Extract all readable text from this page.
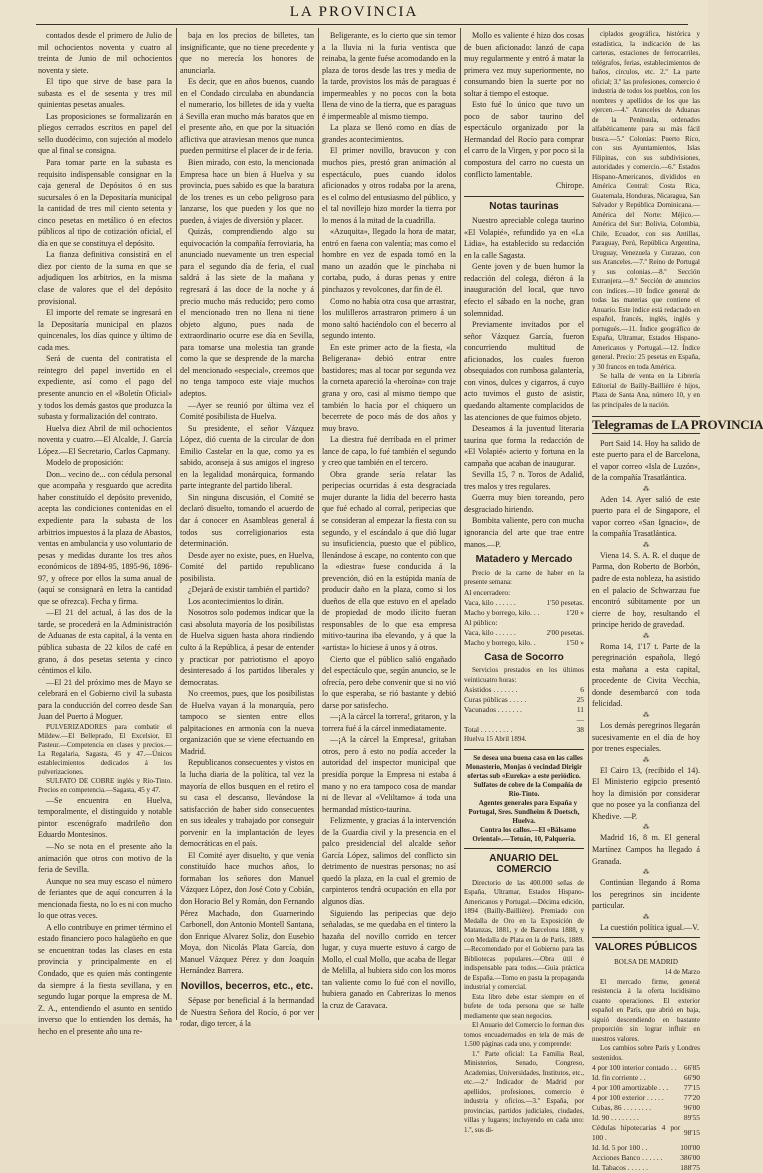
LA PROVINCIA

contados desde el primero de Julio de mil ochocientos noventa y cuatro al treinta de Junio de mil ochocientos noventa y siete.

El tipo que sirve de base para la subasta es el de sesenta y tres mil quinientas pesetas anuales.

Las proposiciones se formalizarán en pliegos cerrados escritos en papel del sello duodécimo, con sujeción al modelo que al final se consigna.

Para tomar parte en la subasta es requisito indispensable consignar en la caja general de Depósitos ó en sus sucursales ó en la Depositaría municipal la cantidad de tres mil ciento setenta y cinco pesetas en metálico ó en efectos públicos al tipo de cotización oficial, el día en que se constituya el depósito.

La fianza definitiva consistirá en el diez por ciento de la suma en que se adjudiquen los arbitrios, en la misma clase de valores que el del depósito provisional.

El importe del remate se ingresará en la Depositaría municipal en plazos quincenales, los días quince y último de cada mes.

Será de cuenta del contratista el reintegro del papel invertido en el expediente, así como el pago del presente anuncio en el «Boletín Oficial» y todos los demás gastos que produzca la subasta y formalización del contrato.

Huelva diez Abril de mil ochocientos noventa y cuatro.—El Alcalde, J. García López.—El Secretario, Carlos Capmany.

Modelo de proposición:

Don... vecino de... con cédula personal que acompaña y resguardo que acredita haber constituído el depósito prevenido, acepta las condiciones contenidas en el expediente para la subasta de los arbitrios impuestos á la plaza de Abastos, ventas en ambulancia y uso voluntario de pesas y medidas durante los tres años económicos de 1894-95, 1895-96, 1896-97, y ofrece por ellos la suma anual de (aquí se consignará en letra la cantidad que se ofrezca). Fecha y firma.

—El 21 del actual, á las dos de la tarde, se procederá en la Administración de Aduanas de esta capital, á la venta en pública subasta de 22 kilos de café en grano, á dos pesetas setenta y cinco céntimos el kilo.

—El 21 del próximo mes de Mayo se celebrará en el Gobierno civil la subasta para la conducción del correo desde San Juan del Puerto á Moguer.

PULVERIZADORES para combatir el Mildew.—El Belleprado, El Excelsior, El Pasteur.—Competencia en clases y precios.—La Regalaria, Sagasta, 45 y 47.—Únicos establecimientos dedicados á los pulverizaciones.

SULFATO DE COBRE inglés y Río-Tinto. Precios en competencia.—Sagasta, 45 y 47.

—Se encuentra en Huelva, temporalmente, el distinguido y notable pintor escenógrafo madrileño don Eduardo Montesinos.

—No se nota en el presente año la animación que otros con motivo de la feria de Sevilla.

Aunque no sea muy escaso el número de feriantes que de aquí concurren á la mencionada fiesta, no lo es ni con mucho lo que otras veces.

A ello contribuye en primer término el estado financiero poco halagüeño en que se encuentran todas las clases en esta provincia y principalmente en el Condado, que es quien más contingente da siempre á la fiesta sevillana, y en segundo lugar porque la empresa de M. Z. A., entendiendo el asunto en sentido inverso que lo entienden los demás, ha hecho en el presente año una re-

baja en los precios de billetes, tan insignificante, que no tiene precedente y que no merecía los honores de anunciarla.

Es decir, que en años buenos, cuando en el Condado circulaba en abundancia el numerario, los billetes de ida y vuelta á Sevilla eran mucho más baratos que en el presente año, en que por la situación aflictiva que atraviesan menos que nunca pueden permitirse el placer de ir de feria.

Bien mirado, con esto, la mencionada Empresa hace un bien á Huelva y su provincia, pues sabido es que la baratura de los trenes es un cebo peligroso para lanzarse, los que pueden y los que no pueden, á viajes de diversión y placer.

Quizás, comprendiendo algo su equivocación la compañía ferroviaria, ha anunciado nuevamente un tren especial para el segundo día de feria, el cual saldrá á las siete de la mañana y regresará á las doce de la noche y á precio mucho más reducido; pero como el mencionado tren no llena ni tiene objeto alguno, pues nada de extraordinario ocurre ese día en Sevilla, para tomarse una molestia tan grande como la que se desprende de la marcha del mencionado «especial», creemos que no tenga tampoco este viaje muchos adeptos.

—Ayer se reunió por última vez el Comité posibilista de Huelva.

Su presidente, el señor Vázquez López, dió cuenta de la circular de don Emilio Castelar en la que, como ya es sabido, aconseja á sus amigos el ingreso en la legalidad monárquica, formando parte integrante del partido liberal.

Sin ninguna discusión, el Comité se declaró disuelto, tomando el acuerdo de dar á conocer en Asambleas general á todos sus correligionarios esta determinación.

Desde ayer no existe, pues, en Huelva, Comité del partido republicano posibilista.

¿Dejará de existir también el partido?

Los acontecimientos lo dirán.

Nosotros solo podemos indicar que la casi absoluta mayoría de los posibilistas de Huelva siguen hasta ahora rindiendo culto á la República, á pesar de entender y practicar por patriotismo el apoyo desinteresado á los partidos liberales y democratas.

No creemos, pues, que los posibilistas de Huelva vayan á la monarquía, pero tampoco se sienten entre ellos palpitaciones en armonía con la nueva organización que se viene efectuando en Madrid.

Republicanos consecuentes y vistos en la lucha diaria de la política, tal vez la mayoría de ellos busquen en el retiro el su casa el descanso, llevándose la satisfacción de haber sido consecuentes en sus ideales y trabajado por conseguir porvenir en la implantación de leyes democráticas en el país.

El Comité ayer disuelto, y que venía constituído hace muchos años, lo formaban los señores don Manuel Vázquez López, don José Coto y Cobián, don Horacio Bel y Román, don Fernando Pérez Machado, don Guarnerindo Carbonell, don Antonio Montell Santana, don Enrique Alvarez Soliz, don Eusebio Moya, don Nicolás Plata García, don Manuel Vázquez Pérez y don Joaquín Hernández Barrera.

Novillos, becerros, etc., etc.

Sépase por beneficial á la hermandad de Nuestra Señora del Rocío, ó por ver rodar, digo tercer, á la

Beligerante, es lo cierto que sin temor a la lluvia ni la furia ventisca que reinaba, la gente fuése acomodando en la plaza de toros desde las tres y media de la tarde, provistos los más de paraguas é impermeables y no pocos con la bota llena de vino de la tierra, que es paraguas é impermeable al mismo tiempo.

La plaza se llenó como en días de grandes acontecimientos.

El primer novillo, bravucon y con muchos pies, prestó gran animación al espectáculo, pues cuando ídolos aficionados y otros rodaba por la arena, es el colmo del entusiasmo del público, y el tal novillejo hizo morder la tierra por lo menos á la mitad de la cuadrilla.

«Azuquita», llegado la hora de matar, entró en faena con valentía; mas como el hombre en vez de espada tomó en la mano un azadón que le pinchaba ni cortaba, pudo, á duras penas y entre pinchazos y revolcones, dar fin de él.

Como no había otra cosa que arrastrar, los mulilleros arrastraron primero á un mono saltó haciéndolo con el becerro al segundo intento.

En este primer acto de la fiesta, «la Beligerana» debió entrar entre bastidores; mas al tocar por segunda vez la corneta apareció la «heroína» con traje grana y oro, casi al mismo tiempo que también lo hacía por el chiquero un becerrete de poco más de dos años y muy bravo.

La diestra fué derribada en el primer lance de capa, lo fué también el segundo y creo que también en el tercero.

Obra grande sería relatar las peripecias ocurridas á esta desgraciada mujer durante la lidia del becerro hasta que fué echado al corral, peripecias que se consideran al empezar la fiesta con su segundo, y el escándalo á que dió lugar su insuficiencia, puesto que el público, llenándose á escape, no contento con que la «diestra» fuese conducida á la prevención, dió en la estúpida manía de producir daño en la plaza, como si los dueños de ella que estuvo en el apelado de propiedad de modo ilícito fueran responsables de lo que esa empresa mitivo-taurina iba elevando, y á que la «artista» lo hiciese á unos y á otros.

Cierto que el público salió engañado del espectáculo que, según anuncio, se le ofrecía, pero debe convenir que si no vió lo que esperaba, se rió bastante y debió darse por satisfecho.

—¡A la cárcel la torrera!, gritaron, y la torrera fué á la cárcel inmediatamente.

—¡A la cárcel la Empresa!, gritaban otros, pero á esto no podía acceder la autoridad del inspector municipal que presidía porque la Empresa ni estaba á mano y no era tampoco cosa de mandar ni de llevar al «Veliltamo» á toda una hermandad místico-taurina.

Felizmente, y gracias á la intervención de la Guardia civil y la presencia en el palco presidencial del alcalde señor García López, salimos del conflicto sin detrimento de nuestras personas; no así quedó la plaza, en la cual el gremio de carpinteros tendrá ocupación en ella por algunos días.

Siguiendo las peripecias que dejo señaladas, se me quedaba en el tintero la hazaña del novillo corrido en tercer lugar, y cuya muerte estuvo á cargo de Mollo, el cual Mollo, que acaba de llegar de Melilla, al hubiera sido con los moros tan valiente como lo fué con el novillo, hubiera ganado en Cabrerizas lo menos la cruz de Caravaca.

Mollo es valiente é hizo dos cosas de buen aficionado: lanzó de capa muy regularmente y entró á matar la primera vez muy superiormente, no consumando bien la suerte por no soltar á tiempo el estoque.

Esto fué lo único que tuvo un poco de sabor taurino del espectáculo organizado por la Hermandad del Rocío para comprar el carro de la Virgen, y por poco si la compostura del carro no cuesta un conflicto lamentable.

Chirope.

Notas taurinas

Nuestro apreciable colega taurino «El Volapié», refundido ya en «La Lidia», ha establecido su redacción en la calle Sagasta.

Gente joven y de buen humor la redacción del colega, diéron á la inauguración del local, que tuvo efecto el sábado en la noche, gran solemnidad.

Previamente invitados por el señor Vázquez García, fueron concurriendo multitud de aficionados, los cuales fueron obsequiados con rumbosa galantería, con vinos, dulces y cigarros, á cuyo acto tuvimos el gusto de asistir, quedando altamente complacidos de las atenciones de que fuimos objeto.

Deseamos á la juventud literaria taurina que forma la redacción de «El Volapié» acierto y fortuna en la campaña que acaban de inaugurar.

Sevilla 15, 7 n. Toros de Adalid, tres malos y tres regulares.

Guerra muy bien toreando, pero desgraciado hiriendo.

Bombita valiente, pero con mucha ignorancia del arte que trae entre manos.—P.

Matadero y Mercado

Precio de la carne de haber en la presente semana:

Al encerradero:	
Vaca, kilo . . . . . .	1'50 pesetas.
Macho y borrego, kilo. . .	1'20 »
Al público:	
Vaca, kilo . . . . . .	2'00 pesetas.
Macho y borrego, kilo. .	1'50 »
Casa de Socorro

Servicios prestados en los últimos veinticuatro horas:

Asistidos . . . . . . .	6
Curas públicas . . . . .	25
Vacunados . . . . . . .	11
	—
Total . . . . . . . . .	38

Huelva 15 Abril 1894.

Se desea una buena casa en las calles Monasterio, Monjas ó vecindad Dirigir ofertas sub «Eureka» a este periódico.

Sulfatos de cobre de la Compañía de Rio-Tinto.

Agentes generales para España y Portugal, Sres. Sundheim & Doetsch, Huelva.

Contra los callos.—El «Bálsamo Oriental».—Tetuán, 10, Palquería.

ANUARIO DEL COMERCIO

Directorio de las 400.000 señas de España, Ultramar, Estados Hispano-Americanos y Portugal.—Décima edición, 1894 (Bailly-Baillière). Premiado con Medalla de Oro en la Exposición de Matanzas, 1881, y de Barcelona 1888, y con Medalla de Plata en la de París, 1889.—Recomendado por el Gobierno para las Bibliotecas populares.—Obra útil é indispensable para todos.—Guía práctica de España.—Tomo en pasta la propaganda industrial y comercial.

Esta libro debe estar siempre en el bufete de toda persona que se halle mediamente que sean negocios.

El Anuario del Comercio lo forman dos tomos encuadernados en tela de más de 1.500 páginas cada uno, y comprende:

1.º Parte oficial: La Familia Real, Ministerios, Senado, Congreso, Academias, Universidades, Institutos, etc., etc.—2.º Indicador de Madrid por apellidos, profesiones, comercio é industria y oficios.—3.º España, por provincias, partidos judiciales, ciudades, villas y lugares; incluyendo en cada uno: 1.º, sus di-

ciplados geográfica, histórica y estadística, la indicación de las carteras, estaciones de ferrocarriles, telégrafos, ferias, establecimientos de baños, circulos, etc. 2.º La parte oficial; 3.º las profesiones, comercio é industria de todos los pueblos, con los nombres y apellidos de los que las ejercen.—4.º Aranceles de Aduanas de la Península, ordenados alfabéticamente para su más fácil busca.—5.º Colonias: Puerto Rico, con sus Ayuntamientos, Islas Filipinas, con sus subdivisiones, autoridades y comercio.—6.º Estados Hispano-Americanos, divididos en América Central: Costa Rica, Guatemala, Honduras, Nicaragua, San Salvador y República Dominicana.—América del Norte: Méjico.—América del Sur: Bolivia, Colombia, Chile, Ecuador, con sus Antillas, Paraguay, Perú, República Argentina, Uruguay, Venezuela y Curazao, con sus Aranceles.—7.º Reino de Portugal y sus colonias.—8.º Sección Extranjera.—9.º Sección de anuncios con índices.—10 Índice general de todas las materias que contiene el Anuario. Este índice está redactado en español, francés, inglés, inglés y portugués.—11. Índice geográfico de España, Ultramar, Estados Hispano-Americanos y Portugal.—12. Índice general. Precio: 25 pesetas en España, y 30 francos en toda América.

Se halla de venta en la Librería Editorial de Bailly-Baillière é hijos, Plaza de Santa Ana, número 10, y en las principales de la nación.

Telegramas de LA PROVINCIA

Port Said 14. Hoy ha salido de este puerto para el de Barcelona, el vapor correo «Isla de Luzón», de la compañía Trasatlántica.

⁂

Aden 14. Ayer salió de este puerto para el de Singapore, el vapor correo «San Ignacio», de la compañía Trasatlántica.

⁂

Viena 14. S. A. R. el duque de Parma, don Roberto de Borbón, padre de esta nobleza, ha asistido en el palacio de Schwarzau fue encontró súbitamente por un cierre de hoy, resultando el principe herido de gravedad.

⁂

Roma 14, 1'17 t. Parte de la peregrinación española, llegó esta mañana a esta capital, procedente de Civita Vecchia, donde desembarcó con toda felicidad.

⁂

Los demás peregrinos llegarán sucesivamente en el día de hoy por trenes especiales.

⁂

El Cairo 13, (recibido el 14). El Ministerio egipcio presentó hoy la dimisión por considerar que no posee ya la confianza del Khedive. —P.

⁂

Madrid 16, 8 m. El general Martínez Campos ha llegado á Granada.

⁂

Continúan llegando á Roma los peregrinos sin incidente particular.

⁂

La cuestión política igual.—V.

VALORES PÚBLICOS

BOLSA DE MADRID

14 de Marzo

El mercado firme, general resistencia á la oferta lucidísimo cuanto operaciones. El exterior español en París, que abrió en baja, siguió descendiendo en bastante proporción sin lograr influir en nuestros valores.

Los cambios sobre París y Londres sostenidos.

4 por 100 interior contado . .	66'85
Id. fin corriente . .	66'90
4 por 100 amortizable . . .	77'15
4 por 100 exterior . . . . .	77'20
Cubas, 86 . . . . . . . .	96'00
Id. 90 . . . . . . . .	89'55
Cédulas hipotecarias 4 por 100 .	98'15
Id. Id. 5 por 100 . .	100'00
Acciones Banco . . . . . .	386'00
Id. Tabacos . . . . . .	188'75
